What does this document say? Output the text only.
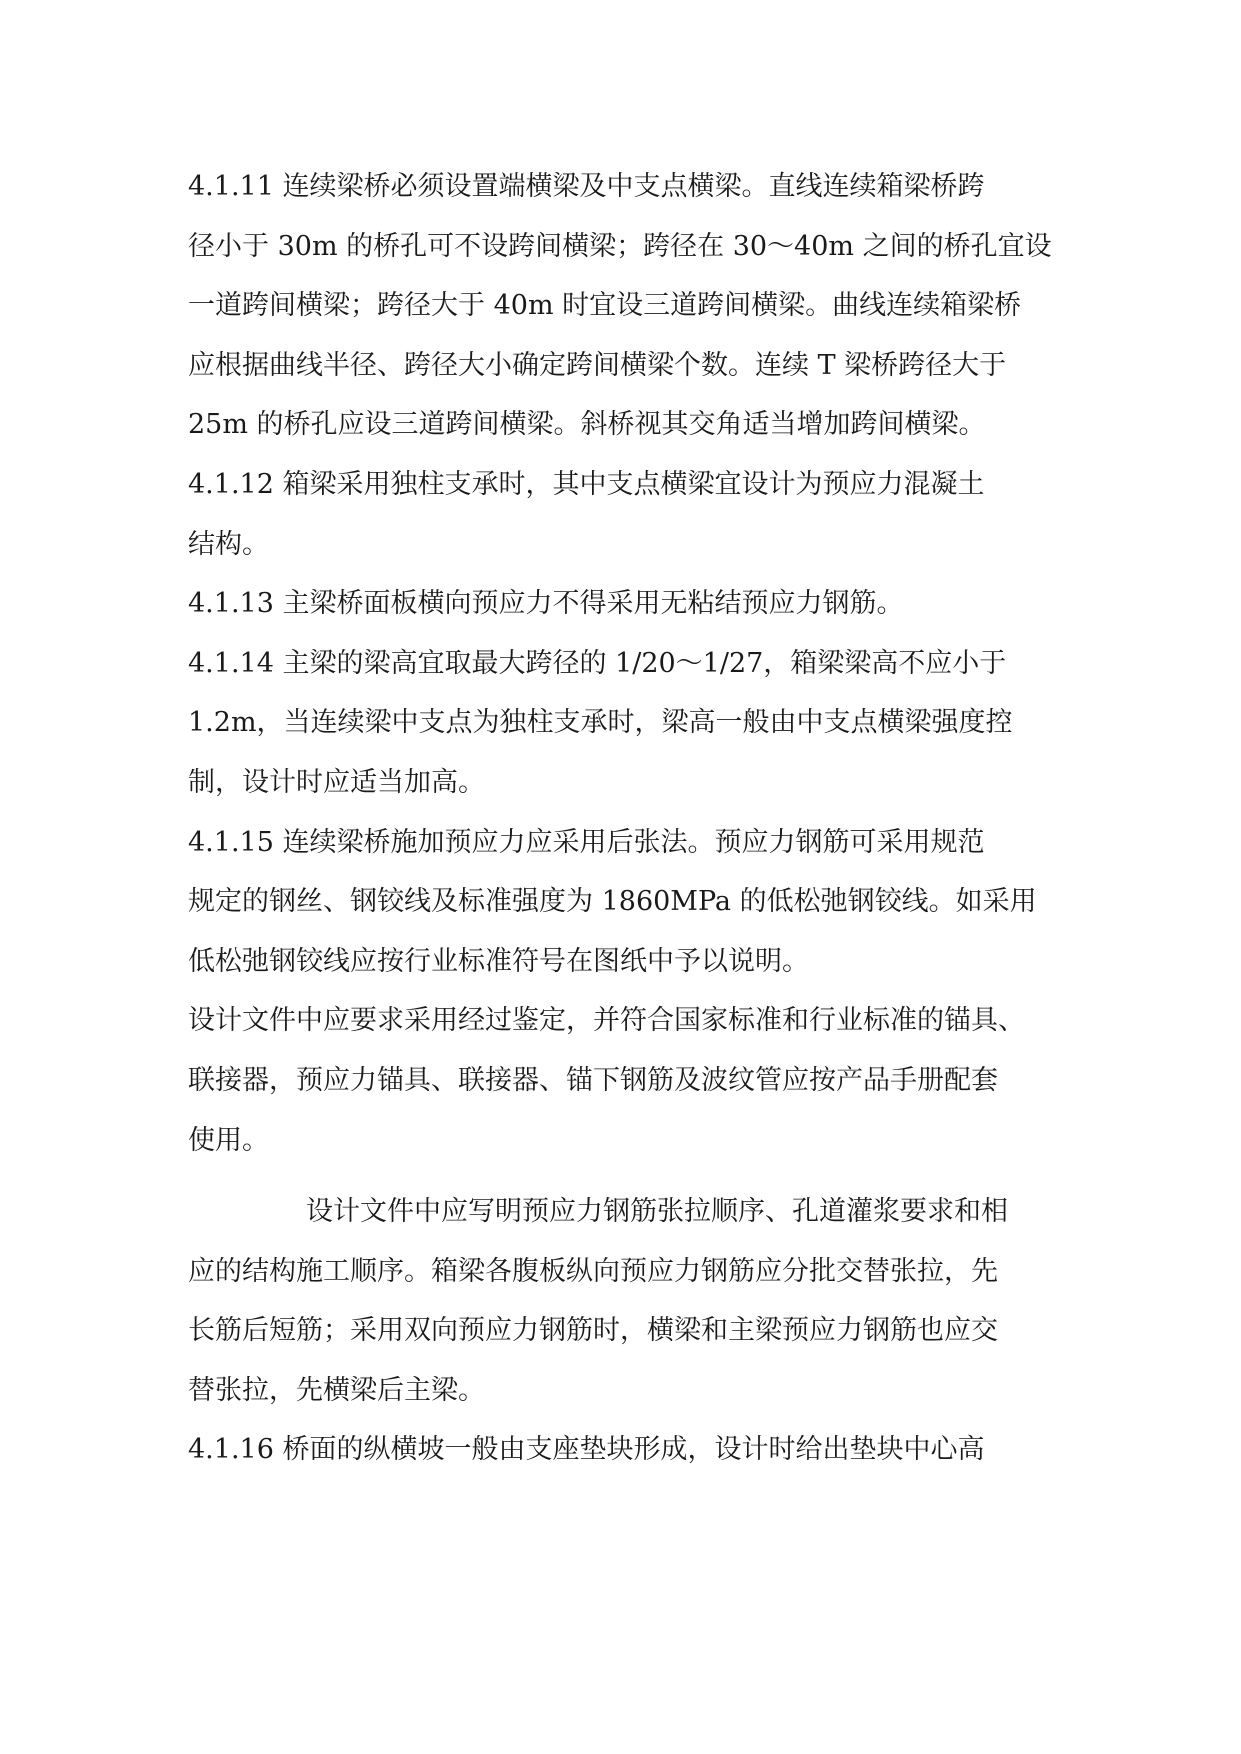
4.1.11 连续梁桥必须设置端横梁及中支点横梁。直线连续箱梁桥跨
径小于 30m 的桥孔可不设跨间横梁；跨径在 30～40m 之间的桥孔宜设
一道跨间横梁；跨径大于 40m 时宜设三道跨间横梁。曲线连续箱梁桥
应根据曲线半径、跨径大小确定跨间横梁个数。连续 T 梁桥跨径大于
25m 的桥孔应设三道跨间横梁。斜桥视其交角适当增加跨间横梁。
4.1.12 箱梁采用独柱支承时，其中支点横梁宜设计为预应力混凝土
结构。
4.1.13 主梁桥面板横向预应力不得采用无粘结预应力钢筋。
4.1.14 主梁的梁高宜取最大跨径的 1/20～1/27，箱梁梁高不应小于
1.2m，当连续梁中支点为独柱支承时，梁高一般由中支点横梁强度控
制，设计时应适当加高。
4.1.15 连续梁桥施加预应力应采用后张法。预应力钢筋可采用规范
规定的钢丝、钢铰线及标准强度为 1860MPa 的低松弛钢铰线。如采用
低松弛钢铰线应按行业标准符号在图纸中予以说明。
设计文件中应要求采用经过鉴定，并符合国家标准和行业标准的锚具、
联接器，预应力锚具、联接器、锚下钢筋及波纹管应按产品手册配套
使用。
设计文件中应写明预应力钢筋张拉顺序、孔道灌浆要求和相
应的结构施工顺序。箱梁各腹板纵向预应力钢筋应分批交替张拉，先
长筋后短筋；采用双向预应力钢筋时，横梁和主梁预应力钢筋也应交
替张拉，先横梁后主梁。
4.1.16 桥面的纵横坡一般由支座垫块形成，设计时给出垫块中心高
